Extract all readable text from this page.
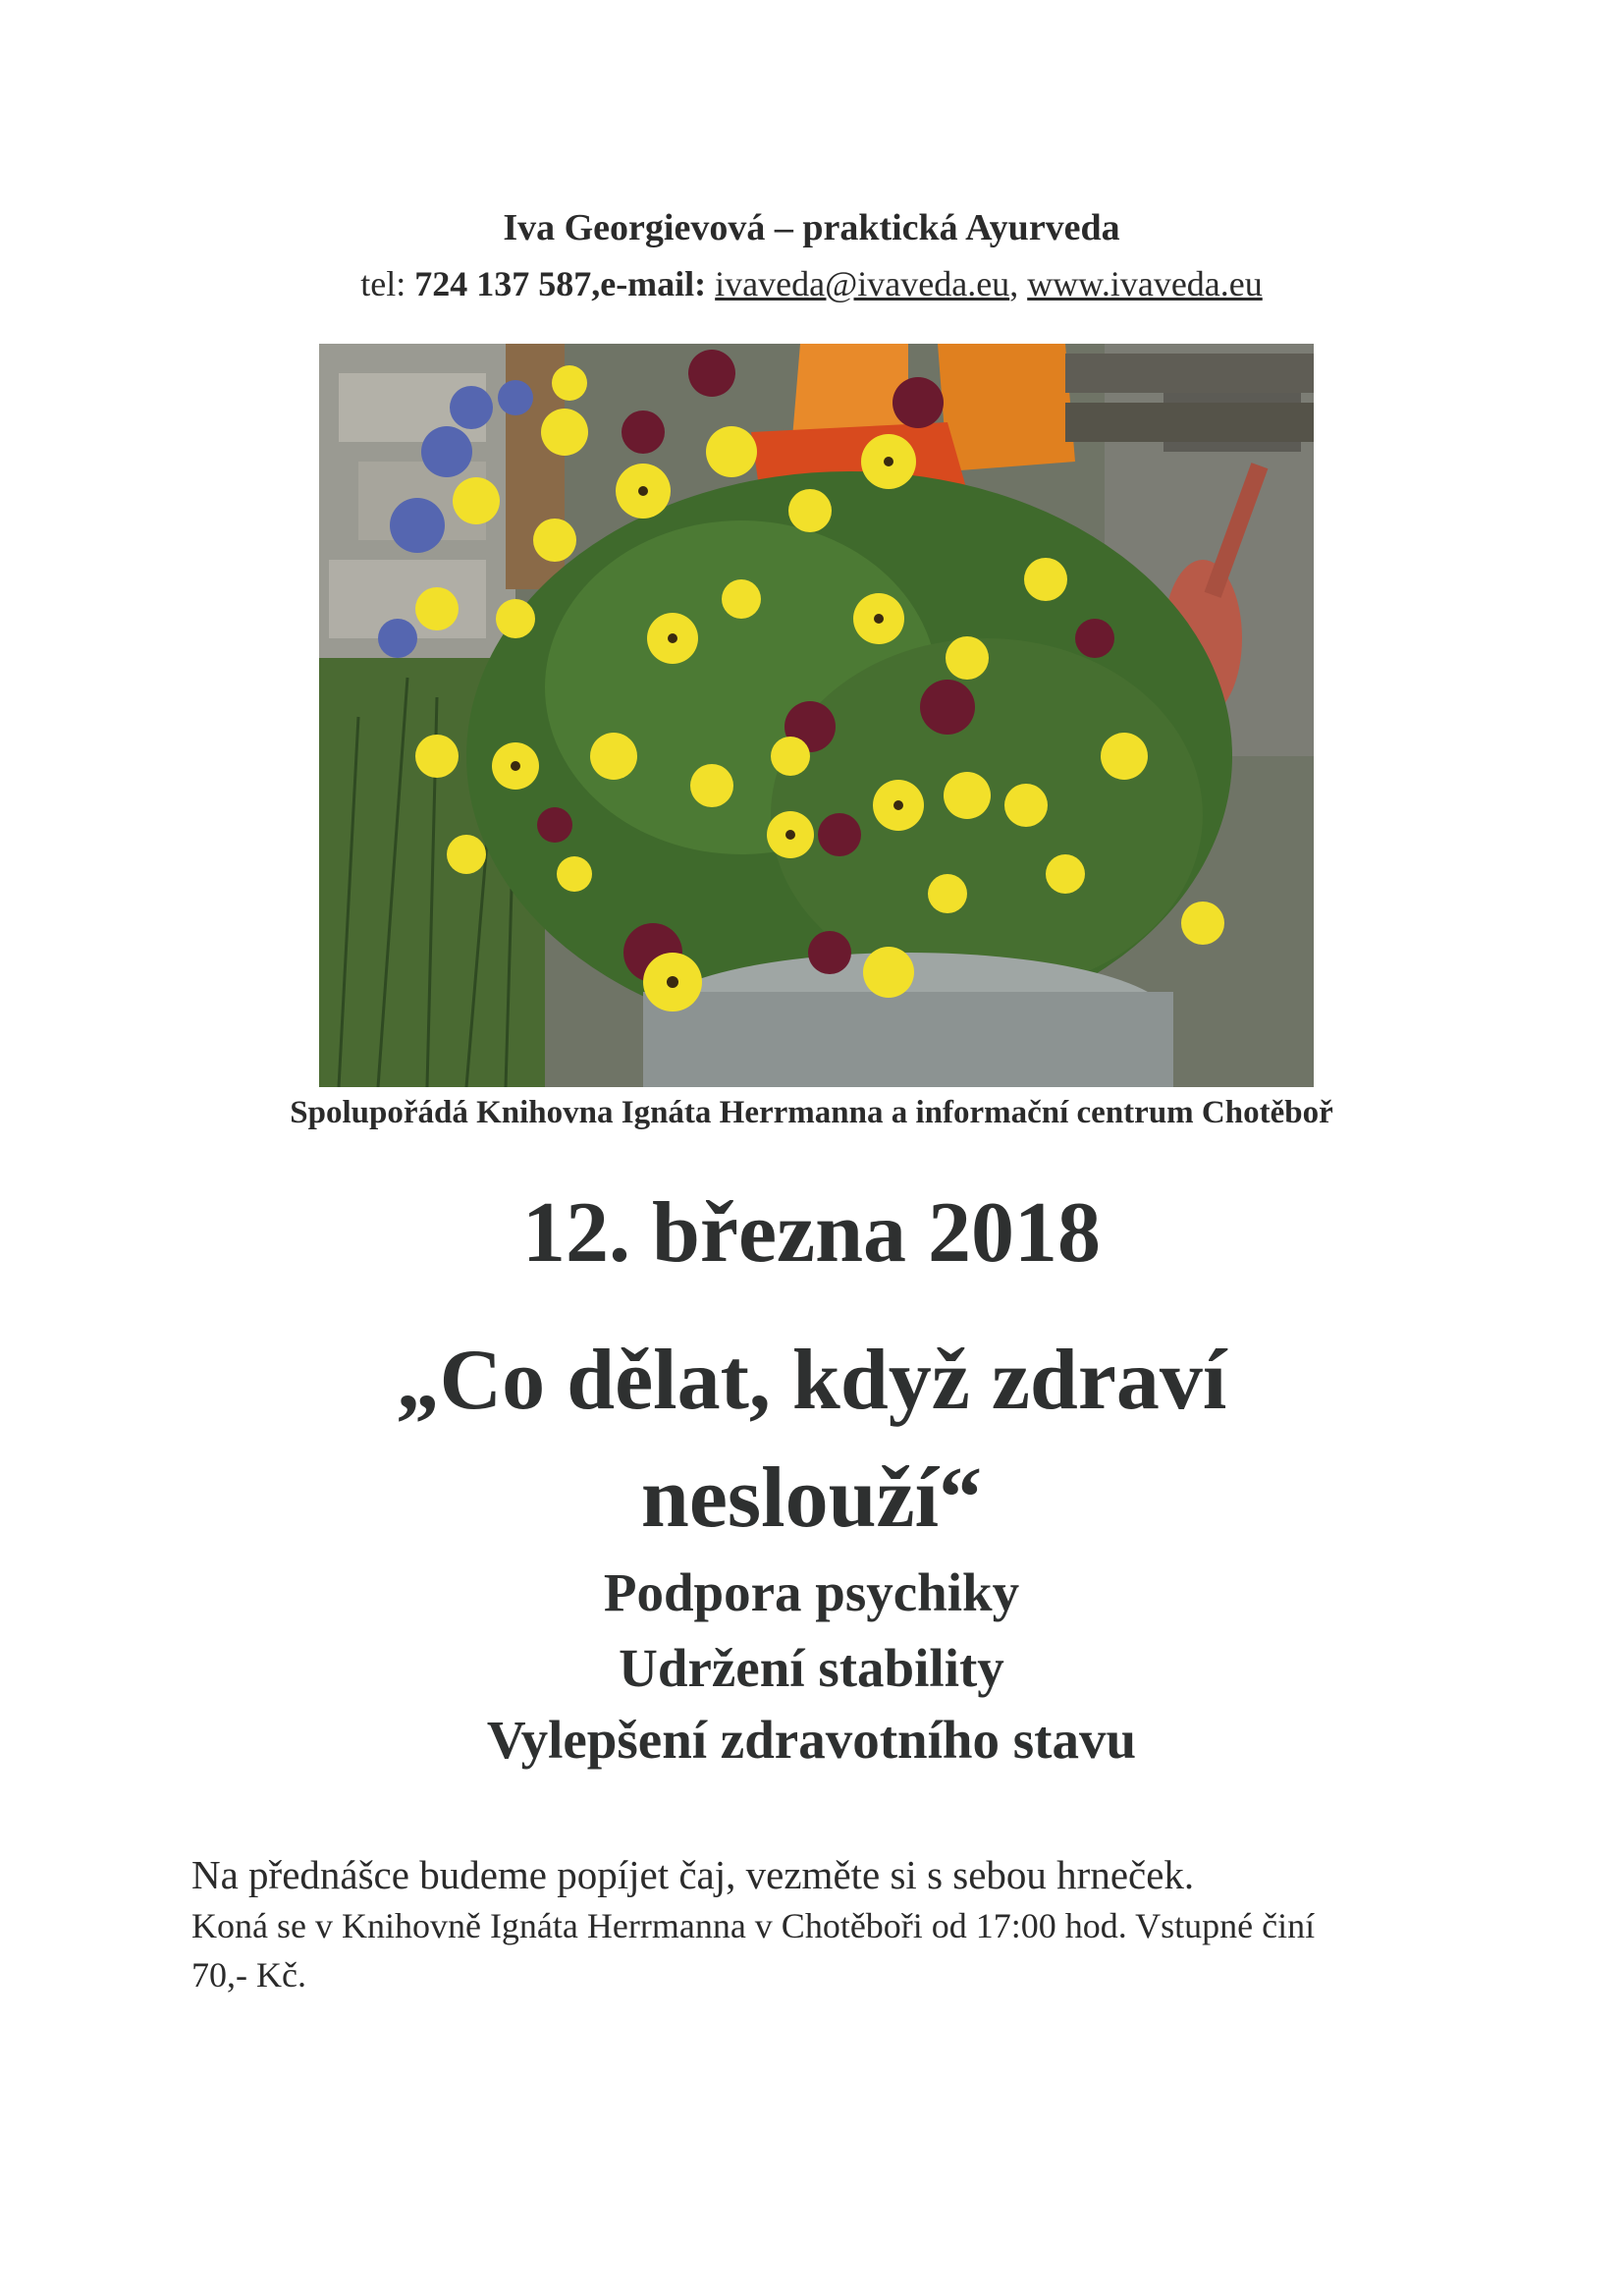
Iva Georgievová – praktická Ayurveda
tel: 724 137 587,e-mail: ivaveda@ivaveda.eu, www.ivaveda.eu
Spolupořádá Knihovna Ignáta Herrmanna a informační centrum Chotěboř
12. března 2018
„Co dělat, když zdraví
neslouží“
Podpora psychiky
Udržení stability
Vylepšení zdravotního stavu
Na přednášce budeme popíjet čaj, vezměte si s sebou hrneček.
Koná se v Knihovně Ignáta Herrmanna v Chotěboři od 17:00 hod. Vstupné činí
70,- Kč.
